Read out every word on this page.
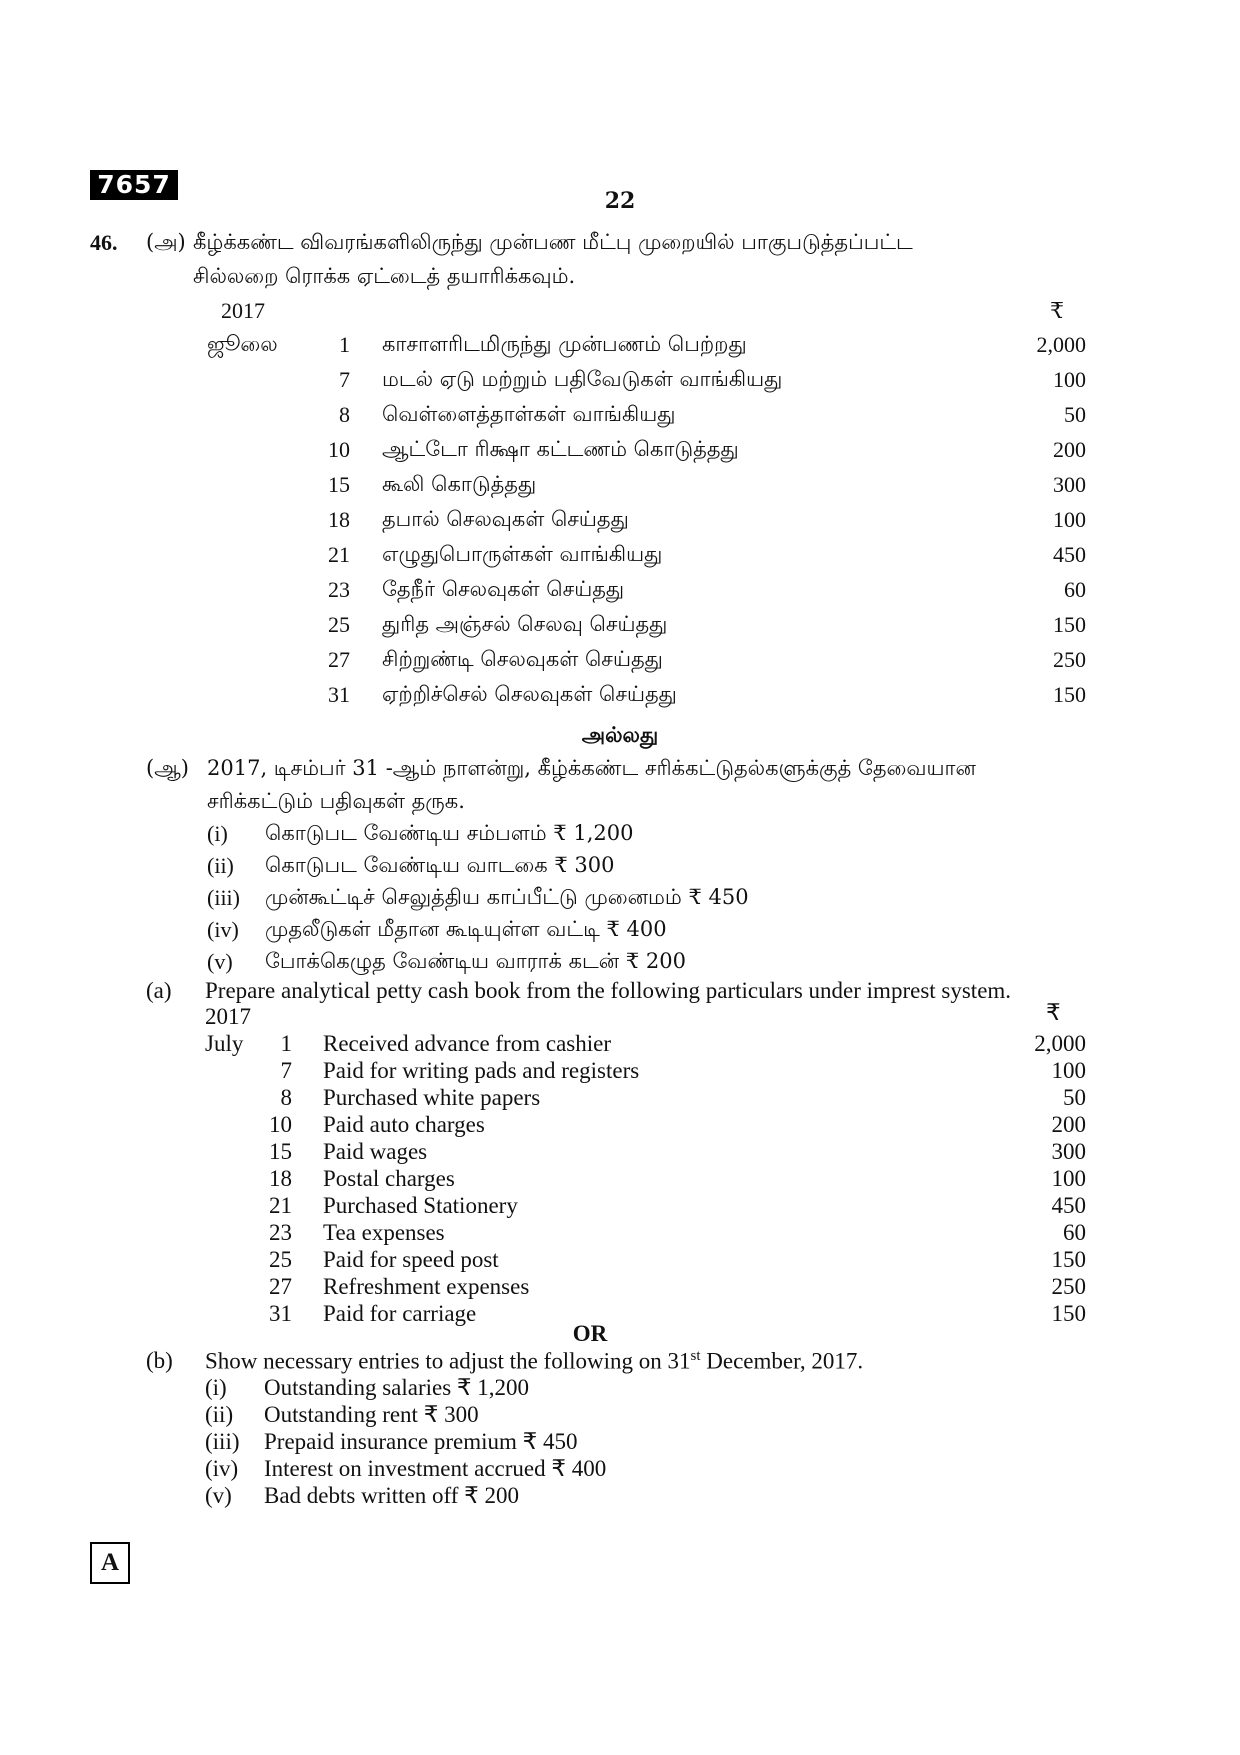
7657
22
46. (அ) கீழ்க்கண்ட விவரங்களிலிருந்து முன்பண மீட்பு முறையில் பாகுபடுத்தப்பட்ட
சில்லறை ரொக்க ஏட்டைத் தயாரிக்கவும்.
2017	₹
ஜூலை	1 காசாளரிடமிருந்து முன்பணம் பெற்றது	2,000
7 மடல் ஏடு மற்றும் பதிவேடுகள் வாங்கியது	100
8 வெள்ளைத்தாள்கள் வாங்கியது	50
10 ஆட்டோ ரிக்ஷா கட்டணம் கொடுத்தது	200
15 கூலி கொடுத்தது	300
18 தபால் செலவுகள் செய்தது	100
21 எழுதுபொருள்கள் வாங்கியது	450
23 தேநீர் செலவுகள் செய்தது	60
25 துரித அஞ்சல் செலவு செய்தது	150
27 சிற்றுண்டி செலவுகள் செய்தது	250
31 ஏற்றிச்செல் செலவுகள் செய்தது	150
அல்லது
(ஆ) 2017, டிசம்பர் 31 -ஆம் நாளன்று, கீழ்க்கண்ட சரிக்கட்டுதல்களுக்குத் தேவையான
சரிக்கட்டும் பதிவுகள் தருக.
(i) கொடுபட வேண்டிய சம்பளம் ₹ 1,200
(ii) கொடுபட வேண்டிய வாடகை ₹ 300
(iii) முன்கூட்டிச் செலுத்திய காப்பீட்டு முனைமம் ₹ 450
(iv) முதலீடுகள் மீதான கூடியுள்ள வட்டி ₹ 400
(v) போக்கெழுத வேண்டிய வாராக் கடன் ₹ 200
(a) Prepare analytical petty cash book from the following particulars under imprest system.
2017	₹
July	1 Received advance from cashier	2,000
7 Paid for writing pads and registers	100
8 Purchased white papers	50
10 Paid auto charges	200
15 Paid wages	300
18 Postal charges	100
21 Purchased Stationery	450
23 Tea expenses	60
25 Paid for speed post	150
27 Refreshment expenses	250
31 Paid for carriage	150
OR
(b) Show necessary entries to adjust the following on 31st December, 2017.
(i) Outstanding salaries ₹ 1,200
(ii) Outstanding rent ₹ 300
(iii) Prepaid insurance premium ₹ 450
(iv) Interest on investment accrued ₹ 400
(v) Bad debts written off ₹ 200
A
